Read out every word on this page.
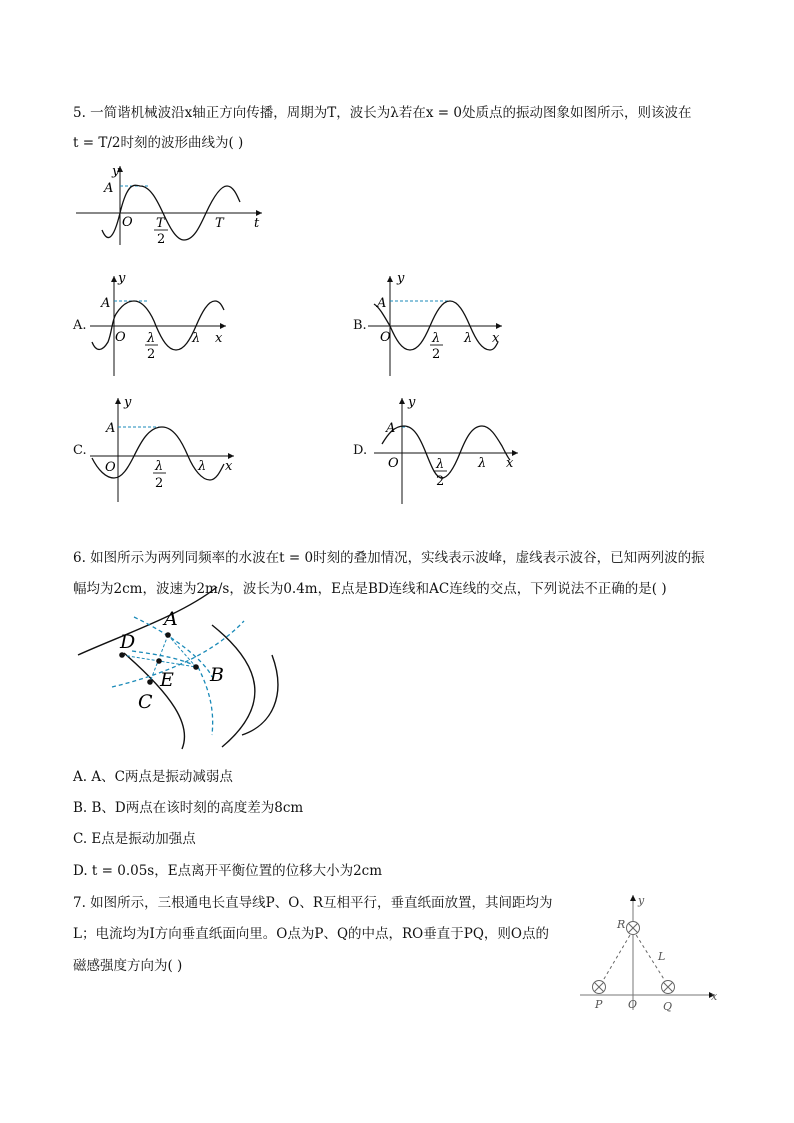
5. 一简谐机械波沿x轴正方向传播，周期为T，波长为λ若在x = 0处质点的振动图象如图所示，则该波在
t = T/2时刻的波形曲线为( )
y
A
O T
2
T t
A.
y
A
O λ
2
λ x
B.
y
A
O	λ
2
λ x
C.
y
A
O	λ
2
λ x
D.
y
A
O	λ
2
λ x
6. 如图所示为两列同频率的水波在t = 0时刻的叠加情况，实线表示波峰，虚线表示波谷，已知两列波的振
幅均为2cm，波速为2m/s，波长为0.4m，E点是BD连线和AC连线的交点，下列说法不正确的是( )
A
B
C
D
E
A. A、C两点是振动减弱点
B. B、D两点在该时刻的高度差为8cm
C. E点是振动加强点
D. t = 0.05s，E点离开平衡位置的位移大小为2cm
7. 如图所示，三根通电长直导线P、O、R互相平行，垂直纸面放置，其间距均为
L；电流均为I方向垂直纸面向里。O点为P、Q的中点，RO垂直于PQ，则O点的
磁感强度方向为( )
y
R
L
P O Q
x
